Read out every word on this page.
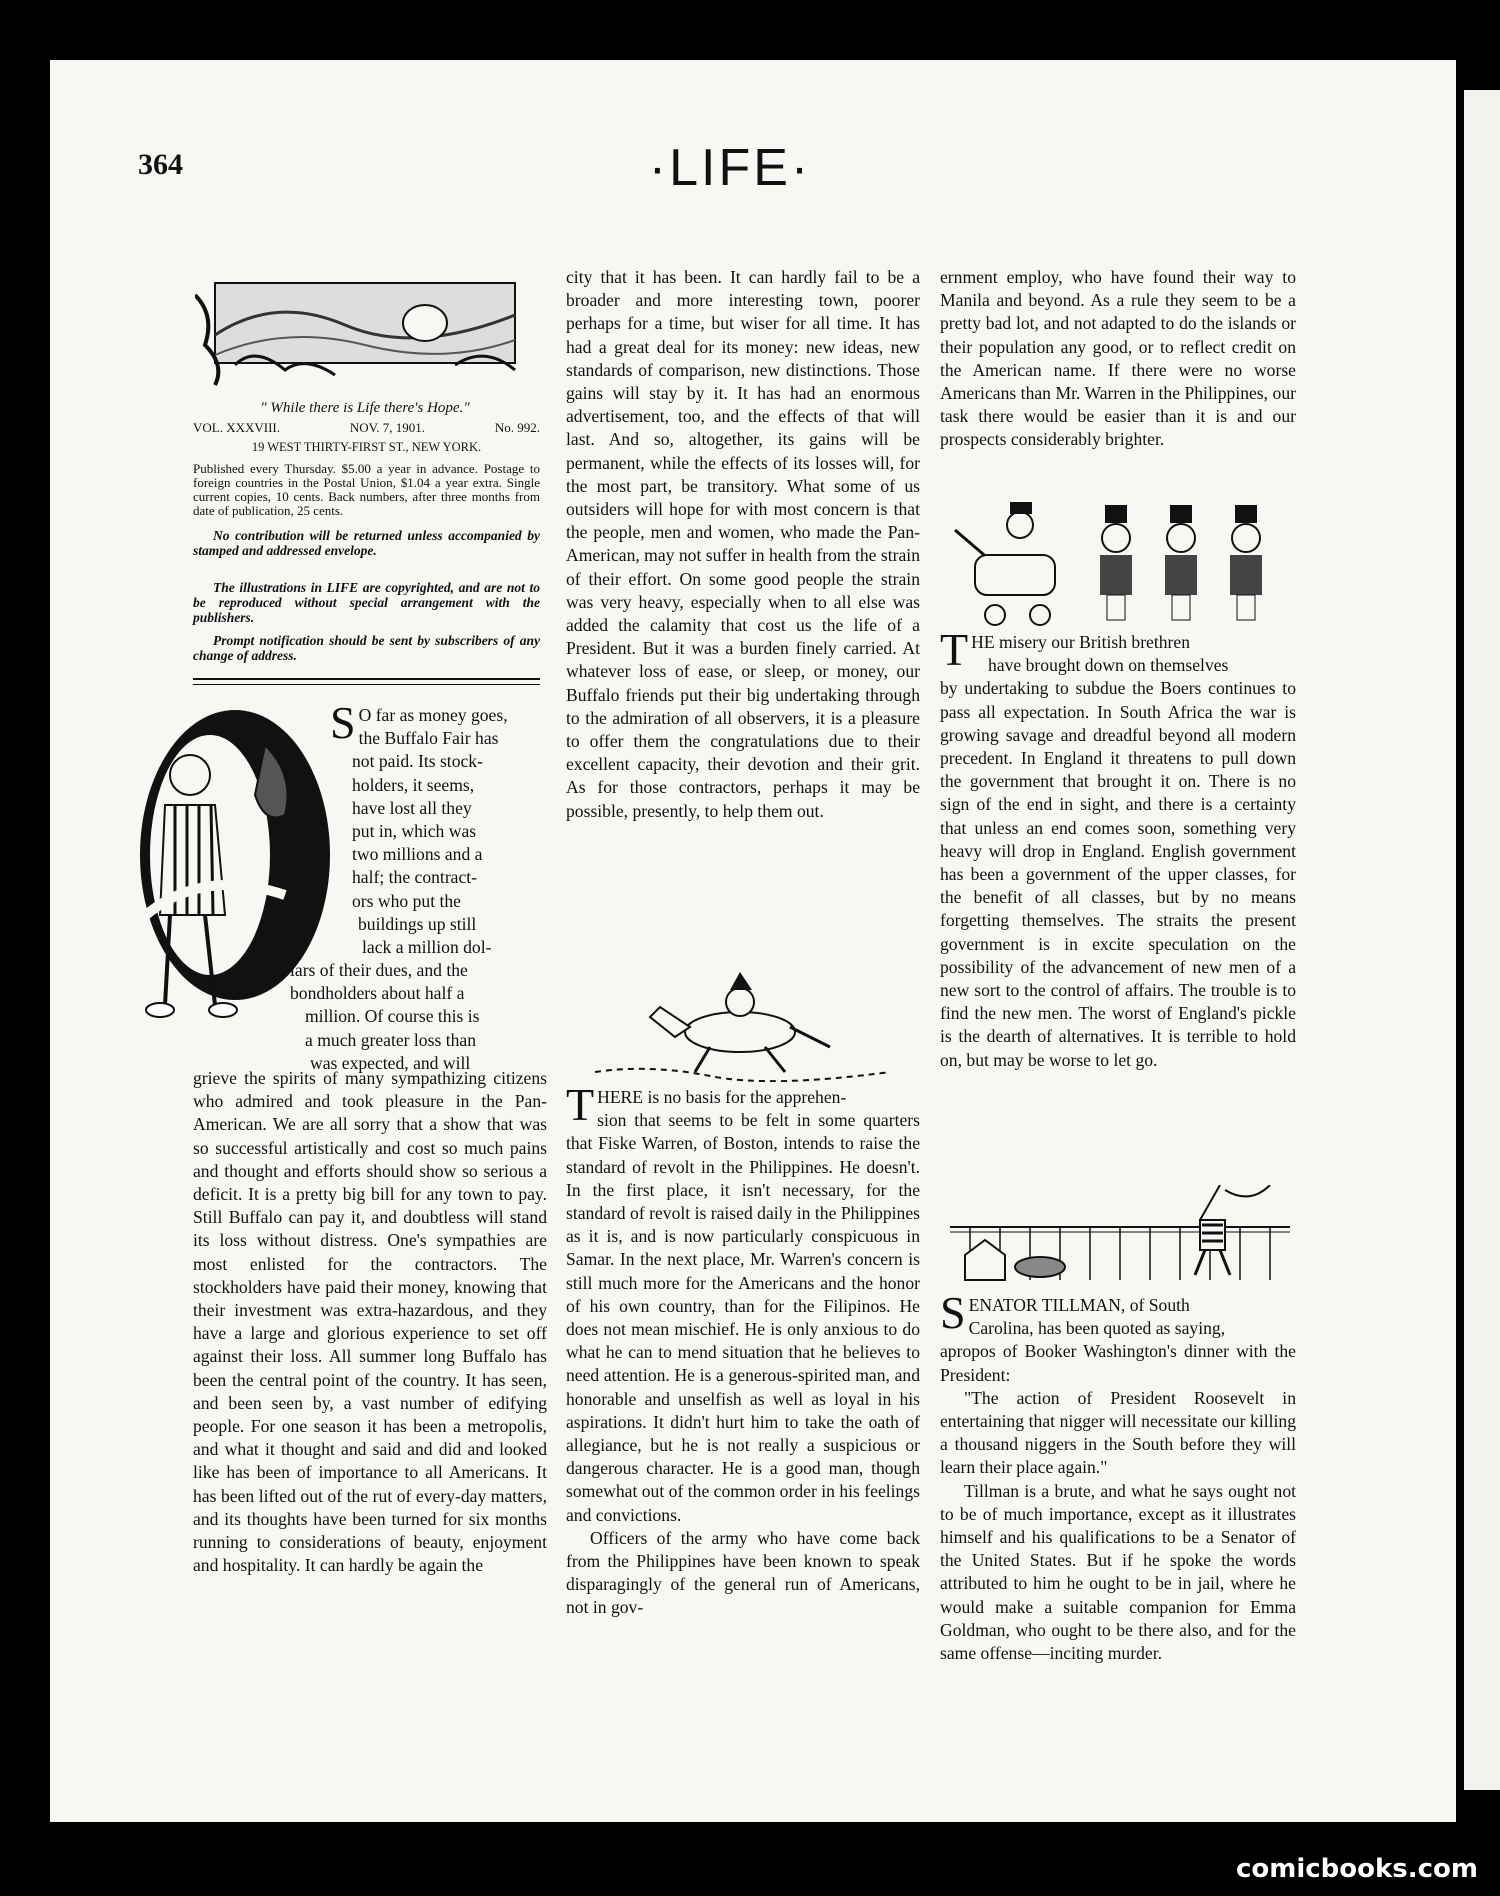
364	·LIFE·
" While there is Life there's Hope."
VOL. XXXVIII.	NOV. 7, 1901.	No. 992.
19 WEST THIRTY-FIRST ST., NEW YORK.
Published every Thursday. $5.00 a year in advance. Postage to foreign countries in the Postal Union, $1.04 a year extra. Single current copies, 10 cents. Back numbers, after three months from date of publication, 25 cents.
No contribution will be returned unless accompanied by stamped and addressed envelope.
The illustrations in LIFE are copyrighted, and are not to be reproduced without special arrangement with the publishers.
Prompt notification should be sent by subscribers of any change of address.
S O far as money goes,
the Buffalo Fair has
not paid. Its stock-
holders, it seems,
have lost all they
put in, which was
two millions and a
half; the contract-
ors who put the
buildings up still
lack a million dol-
lars of their dues, and the
bondholders about half a
million. Of course this is
a much greater loss than
was expected, and will

grieve the spirits of many sympathizing citizens who admired and took pleasure in the Pan-American. We are all sorry that a show that was so successful artistically and cost so much pains and thought and efforts should show so serious a deficit. It is a pretty big bill for any town to pay. Still Buffalo can pay it, and doubtless will stand its loss without distress. One's sympathies are most enlisted for the contractors. The stockholders have paid their money, knowing that their investment was extra-hazardous, and they have a large and glorious experience to set off against their loss. All summer long Buffalo has been the central point of the country. It has seen, and been seen by, a vast number of edifying people. For one season it has been a metropolis, and what it thought and said and did and looked like has been of importance to all Americans. It has been lifted out of the rut of every-day matters, and its thoughts have been turned for six months running to considerations of beauty, enjoyment and hospitality. It can hardly be again the

city that it has been. It can hardly fail to be a broader and more interesting town, poorer perhaps for a time, but wiser for all time. It has had a great deal for its money: new ideas, new standards of comparison, new distinctions. Those gains will stay by it. It has had an enormous advertisement, too, and the effects of that will last. And so, altogether, its gains will be permanent, while the effects of its losses will, for the most part, be transitory. What some of us outsiders will hope for with most concern is that the people, men and women, who made the Pan-American, may not suffer in health from the strain of their effort. On some good people the strain was very heavy, especially when to all else was added the calamity that cost us the life of a President. But it was a burden finely carried. At whatever loss of ease, or sleep, or money, our Buffalo friends put their big undertaking through to the admiration of all observers, it is a pleasure to offer them the congratulations due to their excellent capacity, their devotion and their grit. As for those contractors, perhaps it may be possible, presently, to help them out.

THERE is no basis for the apprehen-

sion that seems to be felt in some quarters that Fiske Warren, of Boston, intends to raise the standard of revolt in the Philippines. He doesn't. In the first place, it isn't necessary, for the standard of revolt is raised daily in the Philippines as it is, and is now particularly conspicuous in Samar. In the next place, Mr. Warren's concern is still much more for the Americans and the honor of his own country, than for the Filipinos. He does not mean mischief. He is only anxious to do what he can to mend situation that he believes to need attention. He is a generous-spirited man, and honorable and unselfish as well as loyal in his aspirations. It didn't hurt him to take the oath of allegiance, but he is not really a suspicious or dangerous character. He is a good man, though somewhat out of the common order in his feelings and convictions.

Officers of the army who have come back from the Philippines have been known to speak disparagingly of the general run of Americans, not in gov-

ernment employ, who have found their way to Manila and beyond. As a rule they seem to be a pretty bad lot, and not adapted to do the islands or their population any good, or to reflect credit on the American name. If there were no worse Americans than Mr. Warren in the Philippines, our task there would be easier than it is and our prospects considerably brighter.

THE misery our British brethren

have brought down on themselves

by undertaking to subdue the Boers continues to pass all expectation. In South Africa the war is growing savage and dreadful beyond all modern precedent. In England it threatens to pull down the government that brought it on. There is no sign of the end in sight, and there is a certainty that unless an end comes soon, something very heavy will drop in England. English government has been a government of the upper classes, for the benefit of all classes, but by no means forgetting themselves. The straits the present government is in excite speculation on the possibility of the advancement of new men of a new sort to the control of affairs. The trouble is to find the new men. The worst of England's pickle is the dearth of alternatives. It is terrible to hold on, but may be worse to let go.

SENATOR TILLMAN, of South

Carolina, has been quoted as saying,

apropos of Booker Washington's dinner with the President:

"The action of President Roosevelt in entertaining that nigger will necessitate our killing a thousand niggers in the South before they will learn their place again."

Tillman is a brute, and what he says ought not to be of much importance, except as it illustrates himself and his qualifications to be a Senator of the United States. But if he spoke the words attributed to him he ought to be in jail, where he would make a suitable companion for Emma Goldman, who ought to be there also, and for the same offense—inciting murder.

comicbooks.com
